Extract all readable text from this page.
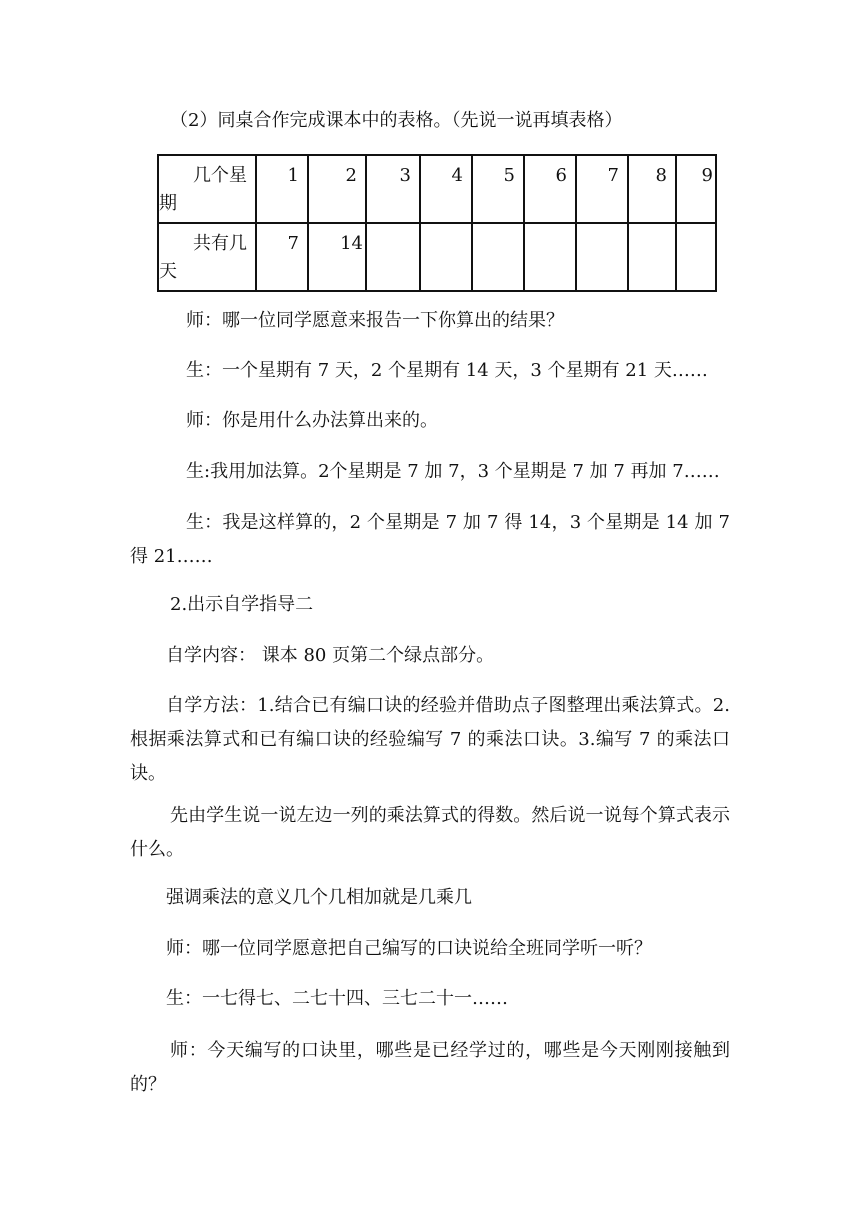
（2）同桌合作完成课本中的表格。（先说一说再填表格）
几个星
期	1	2	3	4	5	6	7	8	9

共有几
天	7	14							
师：哪一位同学愿意来报告一下你算出的结果？
生：一个星期有 7 天，2 个星期有 14 天，3 个星期有 21 天……
师：你是用什么办法算出来的。
生:我用加法算。2个星期是 7 加 7，3 个星期是 7 加 7 再加 7……
生：我是这样算的，2 个星期是 7 加 7 得 14，3 个星期是 14 加 7 得 21……
2.出示自学指导二
自学内容： 课本 80 页第二个绿点部分。
自学方法：1.结合已有编口诀的经验并借助点子图整理出乘法算式。2.根据乘法算式和已有编口诀的经验编写 7 的乘法口诀。3.编写 7 的乘法口诀。
先由学生说一说左边一列的乘法算式的得数。然后说一说每个算式表示什么。
强调乘法的意义几个几相加就是几乘几
师：哪一位同学愿意把自己编写的口诀说给全班同学听一听？
生：一七得七、二七十四、三七二十一……
师：今天编写的口诀里，哪些是已经学过的，哪些是今天刚刚接触到的？
